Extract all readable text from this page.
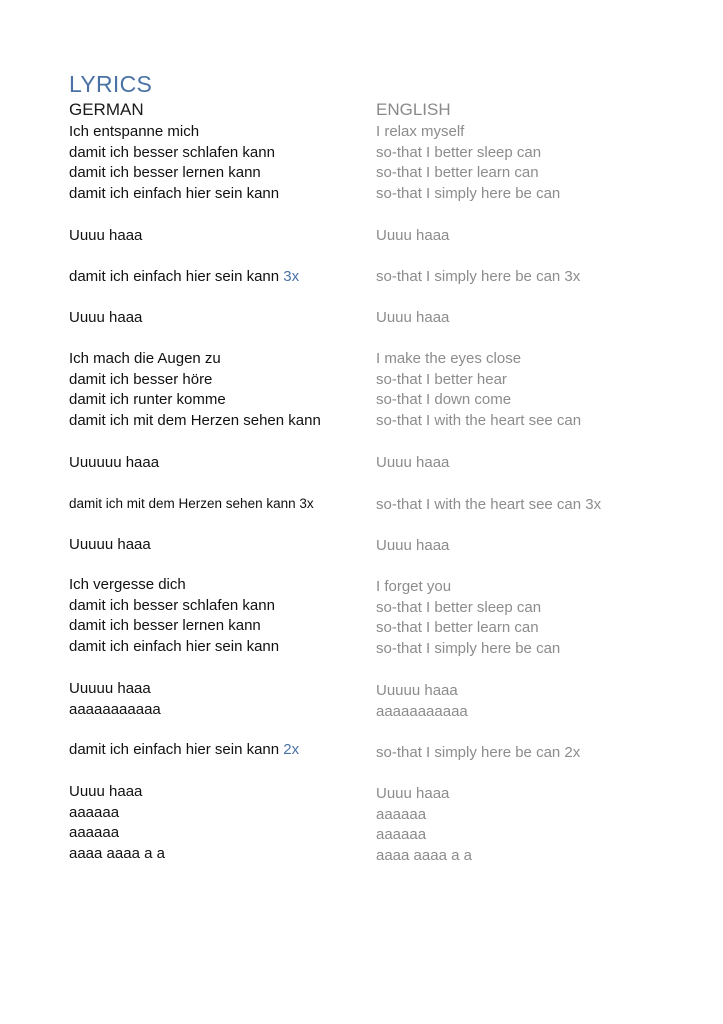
LYRICS
GERMAN
Ich entspanne mich
damit ich besser schlafen kann
damit ich besser lernen kann
damit ich einfach hier sein kann
Uuuu haaa
damit ich einfach hier sein kann 3x
Uuuu haaa
Ich mach die Augen zu
damit ich besser höre
damit ich runter komme
damit ich mit dem Herzen sehen kann
Uuuuuu haaa
damit ich mit dem Herzen sehen kann 3x
Uuuuu haaa
Ich vergesse dich
damit ich besser schlafen kann
damit ich besser lernen kann
damit ich einfach hier sein kann
Uuuuu haaa
aaaaaaaaaaa
damit ich einfach hier sein kann 2x
Uuuu haaa
aaaaaa
aaaaaa
aaaa aaaa a a
ENGLISH
I relax myself
so-that I better sleep can
so-that I better learn can
so-that I simply here be can
Uuuu haaa
so-that I simply here be can 3x
Uuuu haaa
I make the eyes close
so-that I better hear
so-that I down come
so-that I with the heart see can
Uuuu haaa
so-that I with the heart see can 3x
Uuuu haaa
I forget you
so-that I better sleep can
so-that I better learn can
so-that I simply here be can
Uuuuu haaa
aaaaaaaaaaa
so-that I simply here be can 2x
Uuuu haaa
aaaaaa
aaaaaa
aaaa aaaa a a
